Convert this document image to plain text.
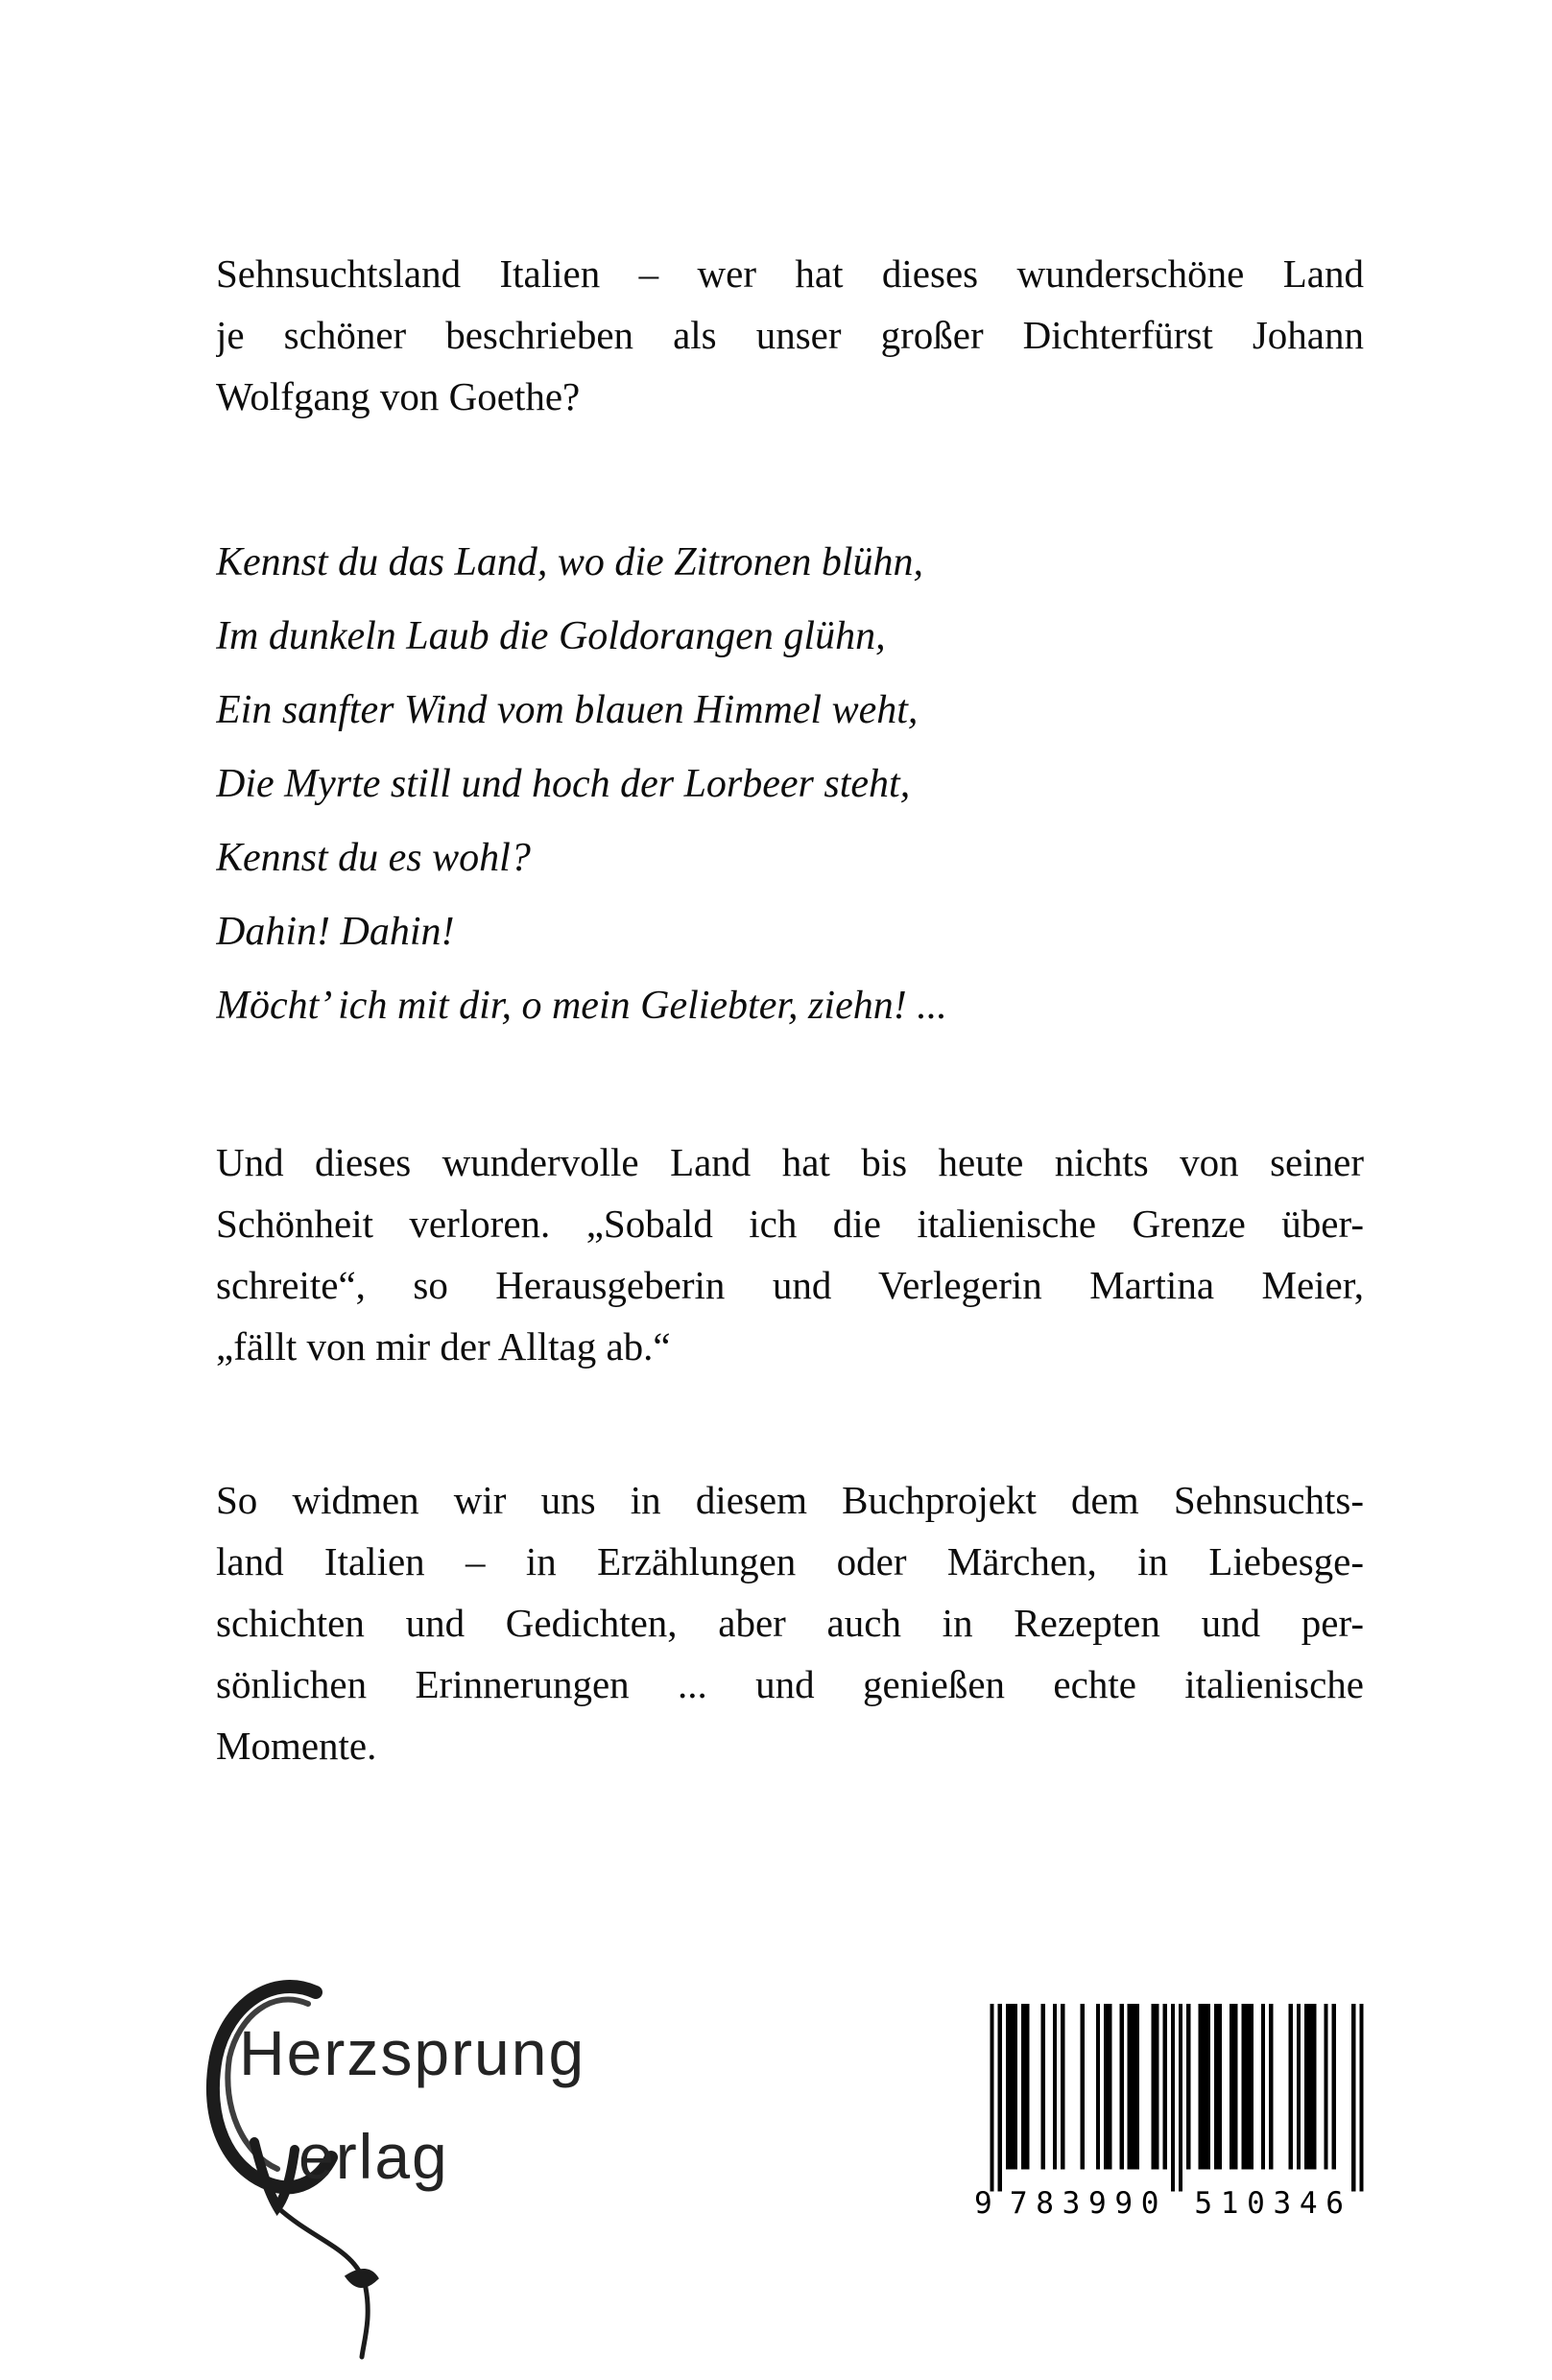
Sehnsuchtsland Italien – wer hat dieses wunderschöne Land
je schöner beschrieben als unser großer Dichterfürst Johann
Wolfgang von Goethe?
Kennst du das Land, wo die Zitronen blühn,
Im dunkeln Laub die Goldorangen glühn,
Ein sanfter Wind vom blauen Himmel weht,
Die Myrte still und hoch der Lorbeer steht,
Kennst du es wohl?
Dahin! Dahin!
Möcht’ ich mit dir, o mein Geliebter, ziehn! ...
Und dieses wundervolle Land hat bis heute nichts von seiner
Schönheit verloren. „Sobald ich die italienische Grenze über-
schreite“, so Herausgeberin und Verlegerin Martina Meier,
„fällt von mir der Alltag ab.“
So widmen wir uns in diesem Buchprojekt dem Sehnsuchts-
land Italien – in Erzählungen oder Märchen, in Liebesge-
schichten und Gedichten, aber auch in Rezepten und per-
sönlichen Erinnerungen ... und genießen echte italienische
Momente.
Herzsprung
erlag
9 783990	510346
